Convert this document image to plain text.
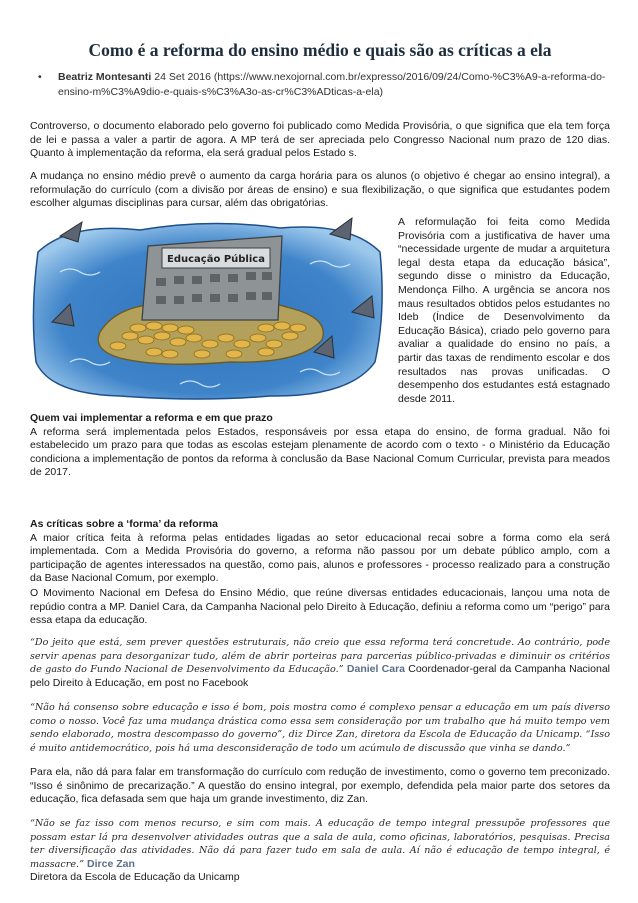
Como é a reforma do ensino médio e quais são as críticas a ela
• Beatriz Montesanti 24 Set 2016 (https://www.nexojornal.com.br/expresso/2016/09/24/Como-%C3%A9-a-reforma-do-ensino-m%C3%A9dio-e-quais-s%C3%A3o-as-cr%C3%ADticas-a-ela)

Controverso, o documento elaborado pelo governo foi publicado como Medida Provisória, o que significa que ela tem força de lei e passa a valer a partir de agora. A MP terá de ser apreciada pelo Congresso Nacional num prazo de 120 dias. Quanto à implementação da reforma, ela será gradual pelos Estado s.

A mudança no ensino médio prevê o aumento da carga horária para os alunos (o objetivo é chegar ao ensino integral), a reformulação do currículo (com a divisão por áreas de ensino) e sua flexibilização, o que significa que estudantes podem escolher algumas disciplinas para cursar, além das obrigatórias.

Educação Pública

A reformulação foi feita como Medida Provisória com a justificativa de haver uma “necessidade urgente de mudar a arquitetura legal desta etapa da educação básica”, segundo disse o ministro da Educação, Mendonça Filho. A urgência se ancora nos maus resultados obtidos pelos estudantes no Ideb (Índice de Desenvolvimento da Educação Básica), criado pelo governo para avaliar a qualidade do ensino no país, a partir das taxas de rendimento escolar e dos resultados nas provas unificadas. O desempenho dos estudantes está estagnado desde 2011.

Quem vai implementar a reforma e em que prazo
A reforma será implementada pelos Estados, responsáveis por essa etapa do ensino, de forma gradual. Não foi estabelecido um prazo para que todas as escolas estejam plenamente de acordo com o texto - o Ministério da Educação condiciona a implementação de pontos da reforma à conclusão da Base Nacional Comum Curricular, prevista para meados de 2017.
As críticas sobre a ‘forma’ da reforma
A maior crítica feita à reforma pelas entidades ligadas ao setor educacional recai sobre a forma como ela será implementada. Com a Medida Provisória do governo, a reforma não passou por um debate público amplo, com a participação de agentes interessados na questão, como pais, alunos e professores - processo realizado para a construção da Base Nacional Comum, por exemplo.

O Movimento Nacional em Defesa do Ensino Médio, que reúne diversas entidades educacionais, lançou uma nota de repúdio contra a MP. Daniel Cara, da Campanha Nacional pelo Direito à Educação, definiu a reforma como um “perigo” para essa etapa da educação.

“Do jeito que está, sem prever questões estruturais, não creio que essa reforma terá concretude. Ao contrário, pode servir apenas para desorganizar tudo, além de abrir porteiras para parcerias público-privadas e diminuir os critérios de gasto do Fundo Nacional de Desenvolvimento da Educação.” Daniel Cara Coordenador-geral da Campanha Nacional pelo Direito à Educação, em post no Facebook

“Não há consenso sobre educação e isso é bom, pois mostra como é complexo pensar a educação em um país diverso como o nosso. Você faz uma mudança drástica como essa sem consideração por um trabalho que há muito tempo vem sendo elaborado, mostra descompasso do governo”, diz Dirce Zan, diretora da Escola de Educação da Unicamp. “Isso é muito antidemocrático, pois há uma desconsideração de todo um acúmulo de discussão que vinha se dando.”

Para ela, não dá para falar em transformação do currículo com redução de investimento, como o governo tem preconizado. “Isso é sinônimo de precarização.” A questão do ensino integral, por exemplo, defendida pela maior parte dos setores da educação, fica defasada sem que haja um grande investimento, diz Zan.

“Não se faz isso com menos recurso, e sim com mais. A educação de tempo integral pressupõe professores que possam estar lá pra desenvolver atividades outras que a sala de aula, como oficinas, laboratórios, pesquisas. Precisa ter diversificação das atividades. Não dá para fazer tudo em sala de aula. Aí não é educação de tempo integral, é massacre.” Dirce Zan
Diretora da Escola de Educação da Unicamp
